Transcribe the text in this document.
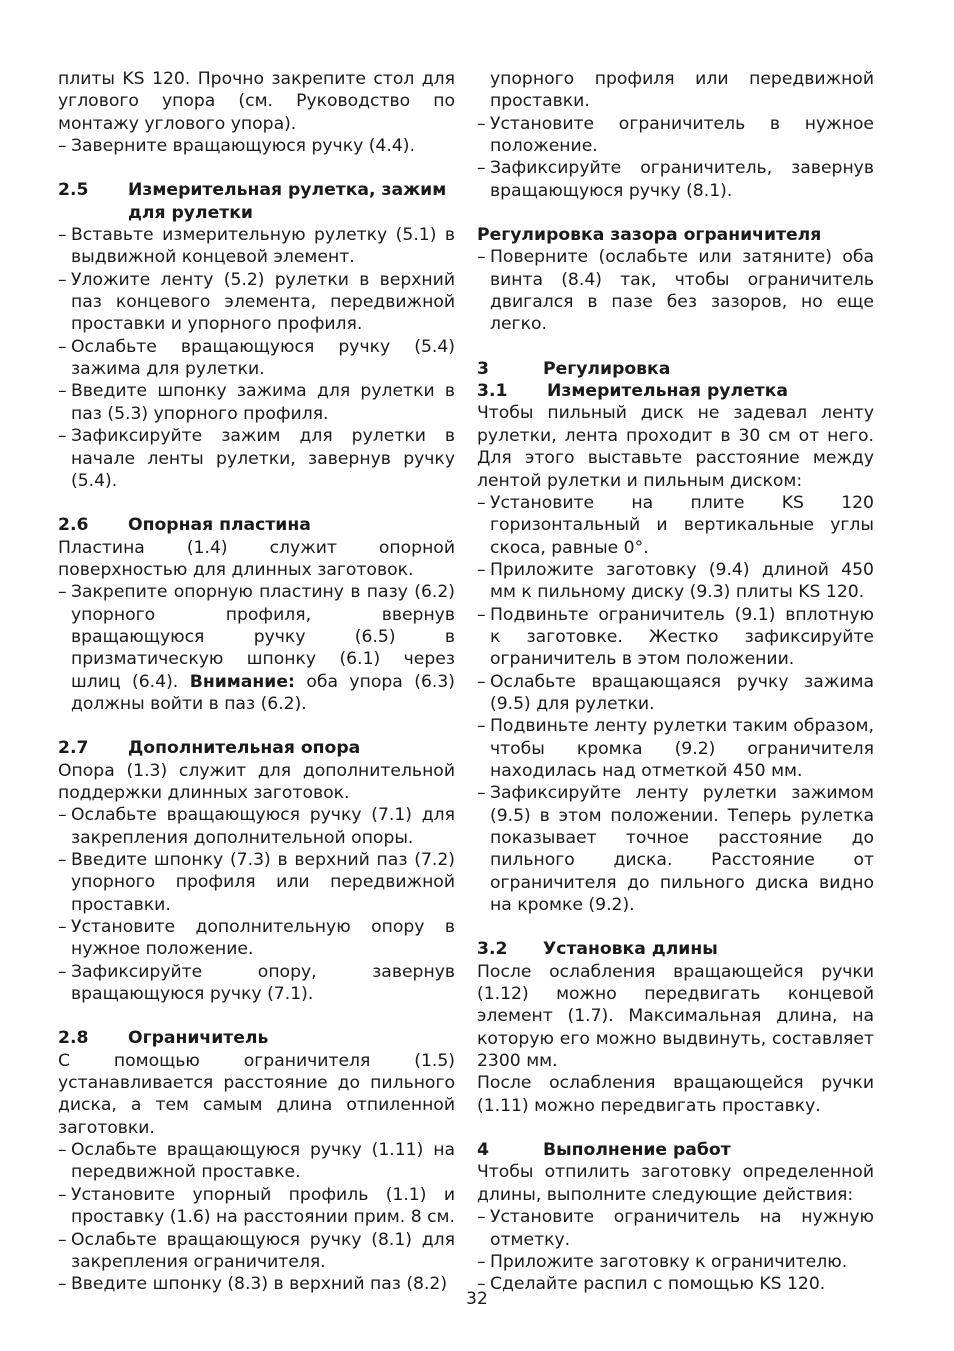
плиты KS 120. Прочно закрепите стол для углового упора (см. Руководство по монтажу углового упора).

– Заверните вращающуюся ручку (4.4).

2.5 Измерительная рулетка, зажим для рулетки

– Вставьте измерительную рулетку (5.1) в выдвижной концевой элемент.

– Уложите ленту (5.2) рулетки в верхний паз концевого элемента, передвижной проставки и упорного профиля.

– Ослабьте вращающуюся ручку (5.4) зажима для рулетки.

– Введите шпонку зажима для рулетки в паз (5.3) упорного профиля.

– Зафиксируйте зажим для рулетки в начале ленты рулетки, завернув ручку (5.4).

2.6 Опорная пластина

Пластина (1.4) служит опорной поверхностью для длинных заготовок.

– Закрепите опорную пластину в пазу (6.2) упорного профиля, ввернув вращающуюся ручку (6.5) в призматическую шпонку (6.1) через шлиц (6.4). Внимание: оба упора (6.3) должны войти в паз (6.2).

2.7 Дополнительная опора

Опора (1.3) служит для дополнительной поддержки длинных заготовок.

– Ослабьте вращающуюся ручку (7.1) для закрепления дополнительной опоры.

– Введите шпонку (7.3) в верхний паз (7.2) упорного профиля или передвижной проставки.

– Установите дополнительную опору в нужное положение.

– Зафиксируйте опору, завернув вращающуюся ручку (7.1).

2.8 Ограничитель

С помощью ограничителя (1.5) устанавливается расстояние до пильного диска, а тем самым длина отпиленной заготовки.

– Ослабьте вращающуюся ручку (1.11) на передвижной проставке.

– Установите упорный профиль (1.1) и проставку (1.6) на расстоянии прим. 8 см.

– Ослабьте вращающуюся ручку (8.1) для закрепления ограничителя.

– Введите шпонку (8.3) в верхний паз (8.2)

упорного профиля или передвижной проставки.

– Установите ограничитель в нужное положение.

– Зафиксируйте ограничитель, завернув вращающуюся ручку (8.1).

Регулировка зазора ограничителя

– Поверните (ослабьте или затяните) оба винта (8.4) так, чтобы ограничитель двигался в пазе без зазоров, но еще легко.

3	Регулировка

3.1 Измерительная рулетка

Чтобы пильный диск не задевал ленту рулетки, лента проходит в 30 см от него. Для этого выставьте расстояние между лентой рулетки и пильным диском:

– Установите на плите KS 120 горизонтальный и вертикальные углы скоса, равные 0°.

– Приложите заготовку (9.4) длиной 450 мм к пильному диску (9.3) плиты KS 120.

– Подвиньте ограничитель (9.1) вплотную к заготовке. Жестко зафиксируйте ограничитель в этом положении.

– Ослабьте вращающаяся ручку зажима (9.5) для рулетки.

– Подвиньте ленту рулетки таким образом, чтобы кромка (9.2) ограничителя находилась над отметкой 450 мм.

– Зафиксируйте ленту рулетки зажимом (9.5) в этом положении. Теперь рулетка показывает точное расстояние до пильного диска. Расстояние от ограничителя до пильного диска видно на кромке (9.2).

3.2 Установка длины

После ослабления вращающейся ручки (1.12) можно передвигать концевой элемент (1.7). Максимальная длина, на которую его можно выдвинуть, составляет 2300 мм.

После ослабления вращающейся ручки (1.11) можно передвигать проставку.

4	Выполнение работ

Чтобы отпилить заготовку определенной длины, выполните следующие действия:

– Установите ограничитель на нужную отметку.

– Приложите заготовку к ограничителю.

– Сделайте распил с помощью KS 120.

32
